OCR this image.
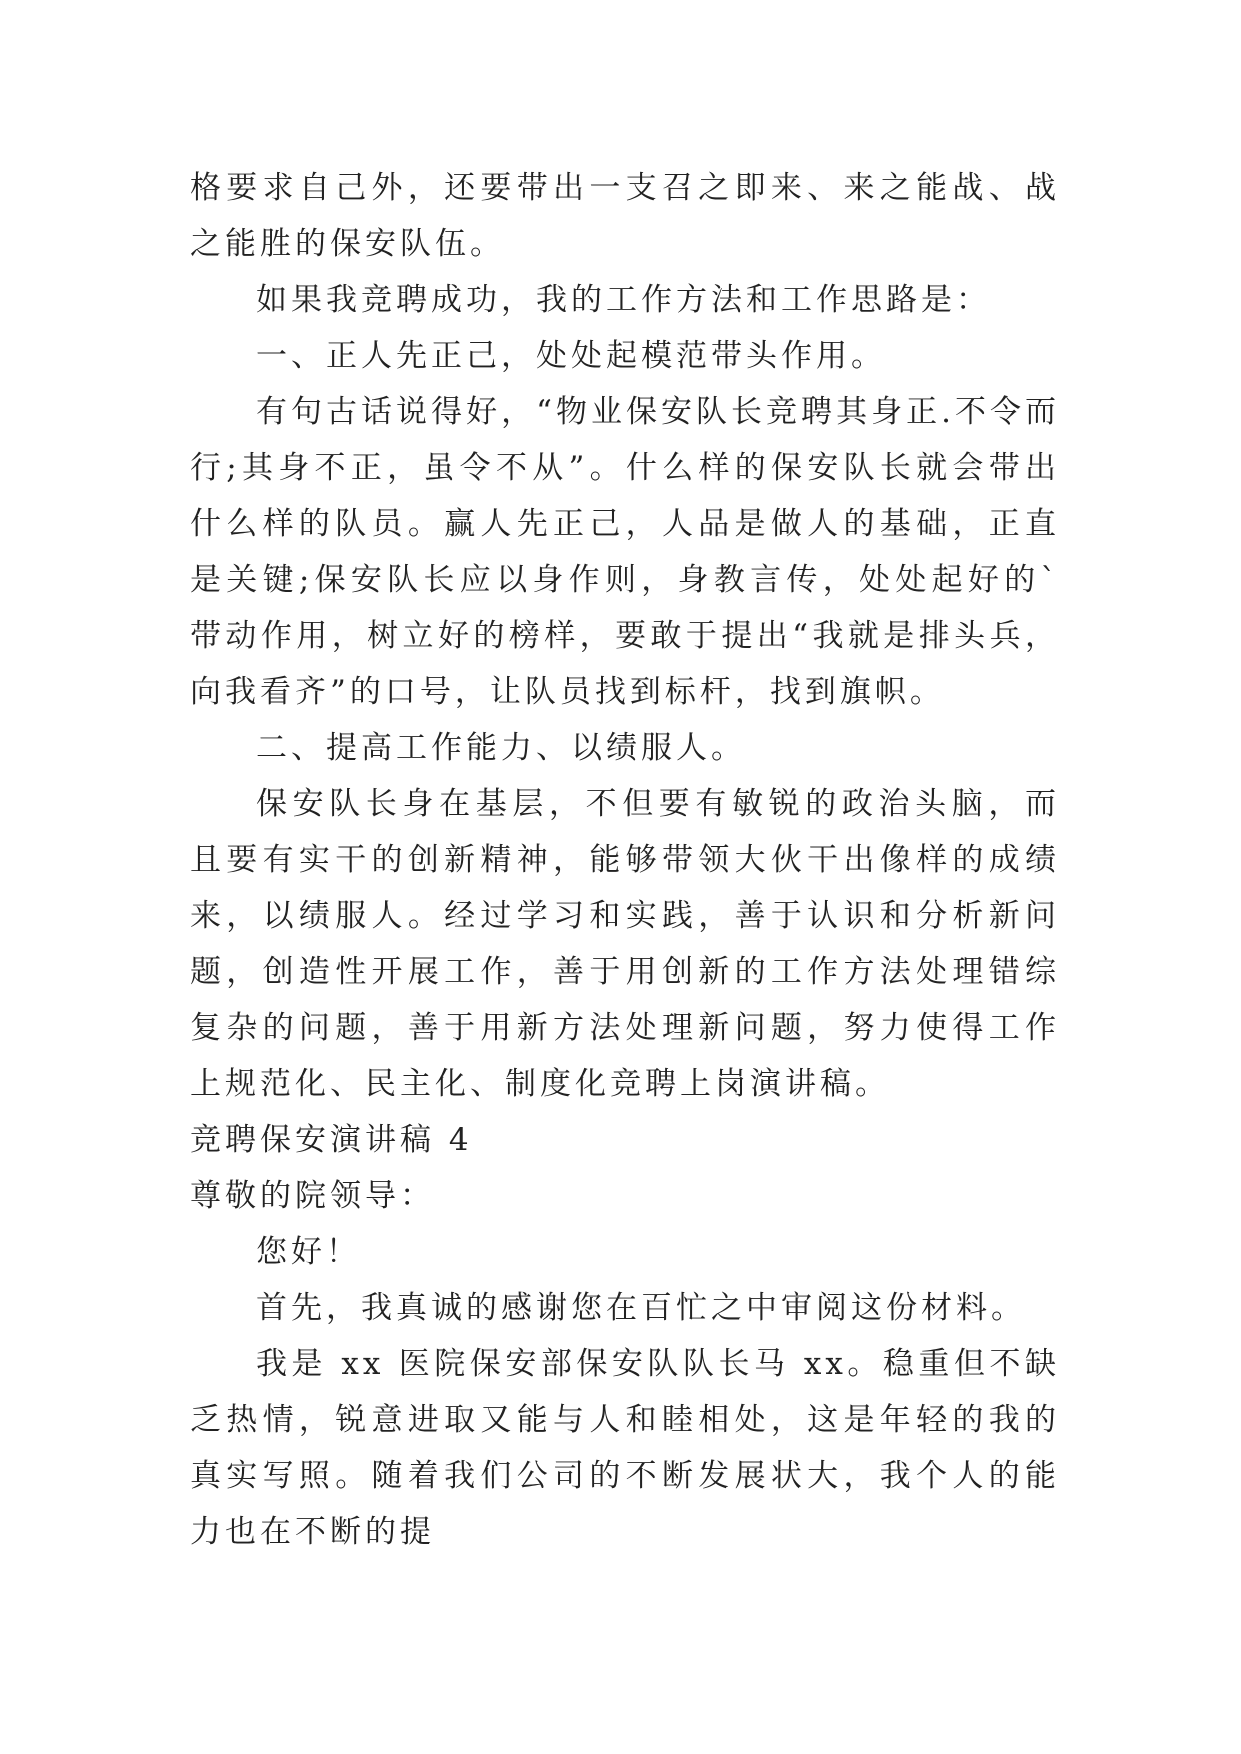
格要求自己外，还要带出一支召之即来、来之能战、战之能胜的保安队伍。

如果我竞聘成功，我的工作方法和工作思路是：

一、正人先正己，处处起模范带头作用。

有句古话说得好，“物业保安队长竞聘其身正.不令而行;其身不正，虽令不从”。什么样的保安队长就会带出什么样的队员。赢人先正己，人品是做人的基础，正直是关键;保安队长应以身作则，身教言传，处处起好的`带动作用，树立好的榜样，要敢于提出“我就是排头兵，向我看齐”的口号，让队员找到标杆，找到旗帜。

二、提高工作能力、以绩服人。

保安队长身在基层，不但要有敏锐的政治头脑，而且要有实干的创新精神，能够带领大伙干出像样的成绩来，以绩服人。经过学习和实践，善于认识和分析新问题，创造性开展工作，善于用创新的工作方法处理错综复杂的问题，善于用新方法处理新问题，努力使得工作上规范化、民主化、制度化竞聘上岗演讲稿。

竞聘保安演讲稿 4

尊敬的院领导：

您好！

首先，我真诚的感谢您在百忙之中审阅这份材料。

我是 xx 医院保安部保安队队长马 xx。稳重但不缺乏热情，锐意进取又能与人和睦相处，这是年轻的我的真实写照。随着我们公司的不断发展状大，我个人的能力也在不断的提
